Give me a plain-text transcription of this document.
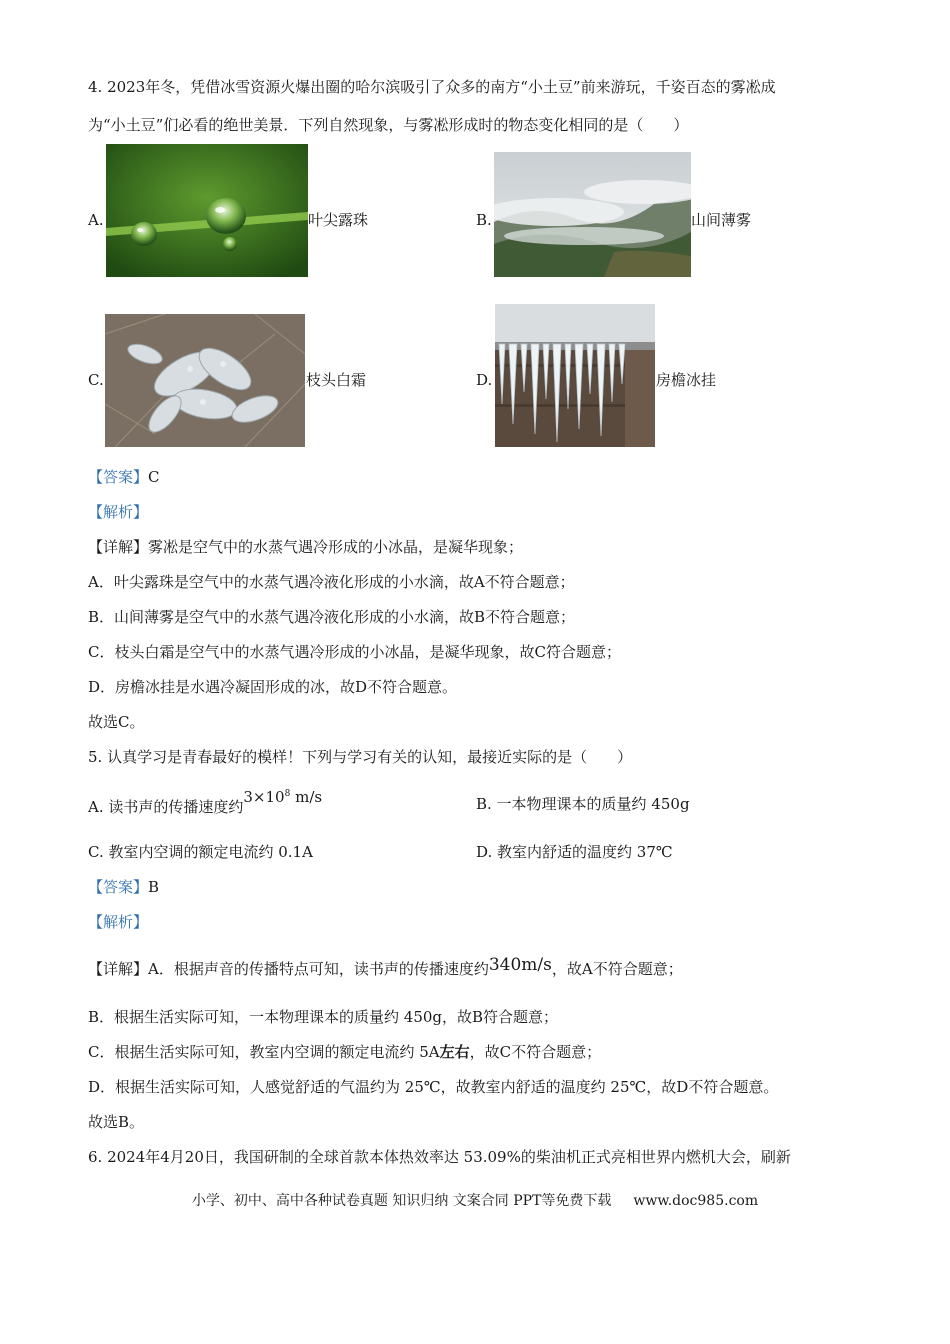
4. 2023年冬，凭借冰雪资源火爆出圈的哈尔滨吸引了众多的南方“小土豆”前来游玩，千姿百态的雾凇成
为“小土豆”们必看的绝世美景．下列自然现象，与雾凇形成时的物态变化相同的是（　　）
A.	叶尖露珠	B.	山间薄雾
C.	枝头白霜	D.	房檐冰挂
【答案】C
【解析】
【详解】雾凇是空气中的水蒸气遇冷形成的小冰晶，是凝华现象；
A．叶尖露珠是空气中的水蒸气遇冷液化形成的小水滴，故A不符合题意；
B．山间薄雾是空气中的水蒸气遇冷液化形成的小水滴，故B不符合题意；
C．枝头白霜是空气中的水蒸气遇冷形成的小冰晶，是凝华现象，故C符合题意；
D．房檐冰挂是水遇冷凝固形成的冰，故D不符合题意。
故选C。
5. 认真学习是青春最好的模样！下列与学习有关的认知，最接近实际的是（　　）
A. 读书声的传播速度约$3\times 10^8$ m/s	B. 一本物理课本的质量约 450g
C. 教室内空调的额定电流约 0.1A	D. 教室内舒适的温度约 37℃
【答案】B
【解析】
【详解】A．根据声音的传播特点可知，读书声的传播速度约340m/s，故A不符合题意；
B．根据生活实际可知，一本物理课本的质量约 450g，故B符合题意；
C．根据生活实际可知，教室内空调的额定电流约 5A左右，故C不符合题意；
D．根据生活实际可知，人感觉舒适的气温约为 25℃，故教室内舒适的温度约 25℃，故D不符合题意。
故选B。
6. 2024年4月20日，我国研制的全球首款本体热效率达 53.09%的柴油机正式亮相世界内燃机大会，刷新
小学、初中、高中各种试卷真题 知识归纳 文案合同 PPT等免费下载 www.doc985.com
